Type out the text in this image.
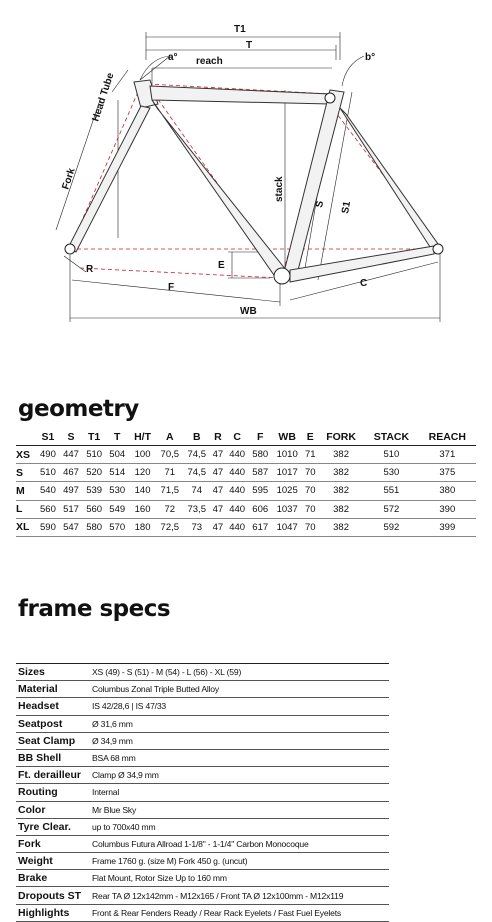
T1
T
a°	b°
reach
Head Tube
Fork	stack
S S1
R	E
F	C
WB
geometry
	S1	S	T1	T	H/T	A	B	R	C	F	WB	E	FORK	STACK	REACH
XS	490	447	510	504	100	70,5	74,5	47	440	580	1010	71	382	510	371
S	510	467	520	514	120	71	74,5	47	440	587	1017	70	382	530	375
M	540	497	539	530	140	71,5	74	47	440	595	1025	70	382	551	380
L	560	517	560	549	160	72	73,5	47	440	606	1037	70	382	572	390
XL	590	547	580	570	180	72,5	73	47	440	617	1047	70	382	592	399
frame specs
Sizes	XS (49) - S (51) - M (54) - L (56) - XL (59)
Material	Columbus Zonal Triple Butted Alloy
Headset	IS 42/28,6 | IS 47/33
Seatpost	Ø 31,6 mm
Seat Clamp	Ø 34,9 mm
BB Shell	BSA 68 mm
Ft. derailleur	Clamp Ø 34,9 mm
Routing	Internal
Color	Mr Blue Sky
Tyre Clear.	up to 700x40 mm
Fork	Columbus Futura Allroad 1-1/8" - 1-1/4" Carbon Monocoque
Weight	Frame 1760 g. (size M) Fork 450 g. (uncut)
Brake	Flat Mount, Rotor Size Up to 160 mm
Dropouts ST	Rear TA Ø 12x142mm - M12x165 / Front TA Ø 12x100mm - M12x119
Highlights	Front & Rear Fenders Ready / Rear Rack Eyelets / Fast Fuel Eyelets
